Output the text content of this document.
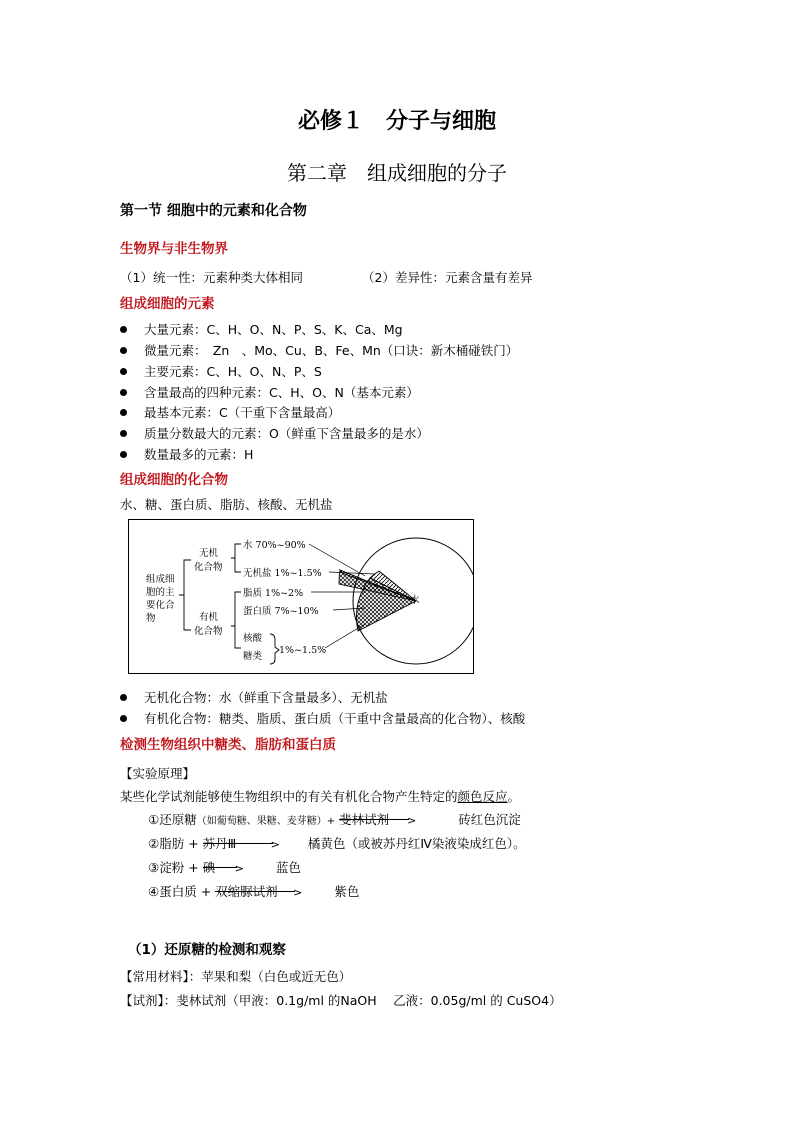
必修１　分子与细胞
第二章　组成细胞的分子
第一节 细胞中的元素和化合物
生物界与非生物界
（1）统一性：元素种类大体相同	（2）差异性：元素含量有差异
组成细胞的元素
大量元素：C、H、O、N、P、S、K、Ca、Mg
微量元素：　Zn　、Mo、Cu、B、Fe、Mn（口诀：新木桶碰铁门）
主要元素：C、H、O、N、P、S
含量最高的四种元素：C、H、O、N（基本元素）
最基本元素：C（干重下含量最高）
质量分数最大的元素：O（鲜重下含量最多的是水）
数量最多的元素：H
组成细胞的化合物
水、糖、蛋白质、脂肪、核酸、无机盐
组成细
胞的主
要化合
物
无机
化合物
水 70%~90%
无机盐 1%~1.5%
有机
化合物
脂质 1%~2%
蛋白质 7%~10%
核酸
糖类
1%~1.5%
水
无机化合物：水（鲜重下含量最多）、无机盐
有机化合物：糖类、脂质、蛋白质（干重中含量最高的化合物）、核酸
检测生物组织中糖类、脂肪和蛋白质
【实验原理】
某些化学试剂能够使生物组织中的有关有机化合物产生特定的颜色反应。
①还原糖（如葡萄糖、果糖、麦芽糖）+ 斐林试剂 >	砖红色沉淀
②脂肪 + 苏丹Ⅲ	> 橘黄色（或被苏丹红Ⅳ染液染成红色）。
③淀粉 + 碘 >	蓝色
④蛋白质 + 双缩脲试剂 >	紫色
（1）还原糖的检测和观察
【常用材料】：苹果和梨（白色或近无色）
【试剂】：斐林试剂（甲液：0.1g/ml 的NaOH　 乙液：0.05g/ml 的 CuSO4）
